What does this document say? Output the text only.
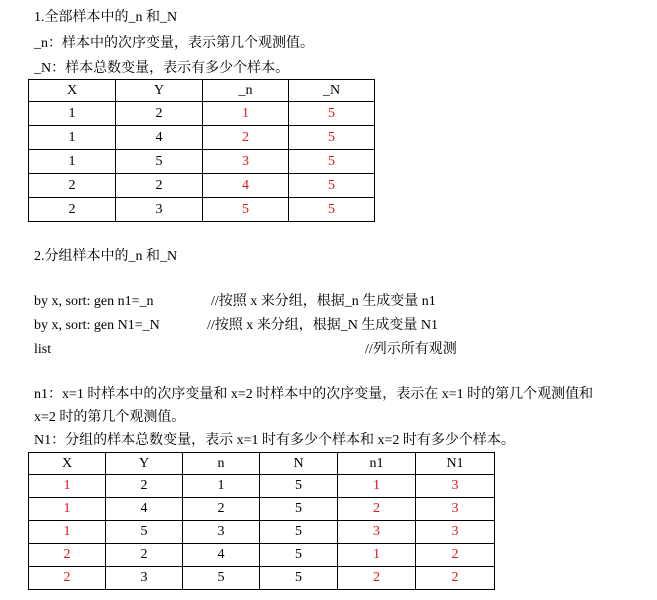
1.全部样本中的_n 和_N
_n：样本中的次序变量，表示第几个观测值。
_N：样本总数变量，表示有多少个样本。
X	Y	_n	_N
1	2	1	5
1	4	2	5
1	5	3	5
2	2	4	5
2	3	5	5
2.分组样本中的_n 和_N
by x, sort: gen n1=_n	//按照 x 来分组，根据_n 生成变量 n1
by x, sort: gen N1=_N	//按照 x 来分组，根据_N 生成变量 N1
list	//列示所有观测
n1：x=1 时样本中的次序变量和 x=2 时样本中的次序变量，表示在 x=1 时的第几个观测值和
x=2 时的第几个观测值。
N1：分组的样本总数变量，表示 x=1 时有多少个样本和 x=2 时有多少个样本。
X	Y	n	N	n1	N1
1	2	1	5	1	3
1	4	2	5	2	3
1	5	3	5	3	3
2	2	4	5	1	2
2	3	5	5	2	2
